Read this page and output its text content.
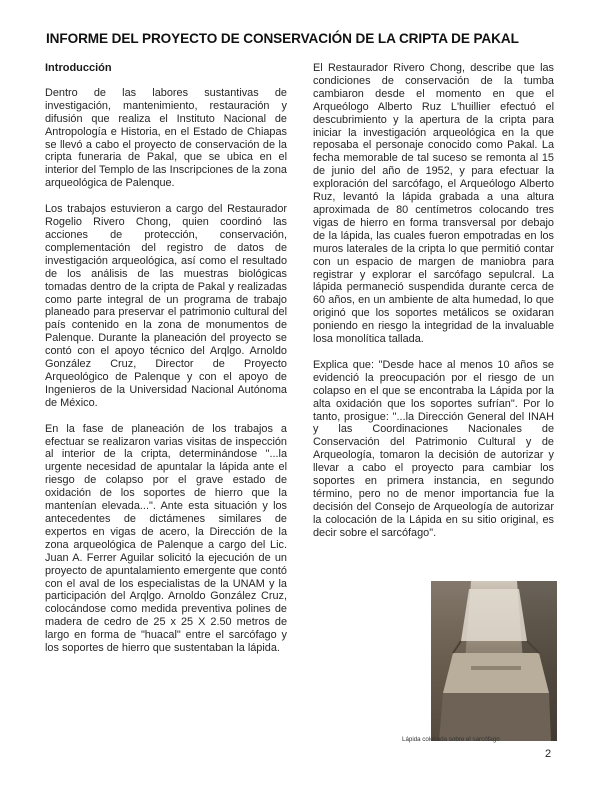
INFORME DEL PROYECTO DE CONSERVACIÓN DE LA CRIPTA DE PAKAL
Introducción

Dentro de las labores sustantivas de investigación, mantenimiento, restauración y difusión que realiza el Instituto Nacional de Antropología e Historia, en el Estado de Chiapas se llevó a cabo el proyecto de conservación de la cripta funeraria de Pakal, que se ubica en el interior del Templo de las Inscripciones de la zona arqueológica de Palenque.

Los trabajos estuvieron a cargo del Restaurador Rogelio Rivero Chong, quien coordinó las acciones de protección, conservación, complementación del registro de datos de investigación arqueológica, así como el resultado de los análisis de las muestras biológicas tomadas dentro de la cripta de Pakal y realizadas como parte integral de un programa de trabajo planeado para preservar el patrimonio cultural del país contenido en la zona de monumentos de Palenque. Durante la planeación del proyecto se contó con el apoyo técnico del Arqlgo. Arnoldo González Cruz, Director de Proyecto Arqueológico de Palenque y con el apoyo de Ingenieros de la Universidad Nacional Autónoma de México.

En la fase de planeación de los trabajos a efectuar se realizaron varias visitas de inspección al interior de la cripta, determinándose "...la urgente necesidad de apuntalar la lápida ante el riesgo de colapso por el grave estado de oxidación de los soportes de hierro que la mantenían elevada...". Ante esta situación y los antecedentes de dictámenes similares de expertos en vigas de acero, la Dirección de la zona arqueológica de Palenque a cargo del Lic. Juan A. Ferrer Aguilar solicitó la ejecución de un proyecto de apuntalamiento emergente que contó con el aval de los especialistas de la UNAM y la participación del Arqlgo. Arnoldo González Cruz, colocándose como medida preventiva polines de madera de cedro de 25 x 25 X 2.50 metros de largo en forma de "huacal" entre el sarcófago y los soportes de hierro que sustentaban la lápida.

El Restaurador Rivero Chong, describe que las condiciones de conservación de la tumba cambiaron desde el momento en que el Arqueólogo Alberto Ruz L'huillier efectuó el descubrimiento y la apertura de la cripta para iniciar la investigación arqueológica en la que reposaba el personaje conocido como Pakal. La fecha memorable de tal suceso se remonta al 15 de junio del año de 1952, y para efectuar la exploración del sarcófago, el Arqueólogo Alberto Ruz, levantó la lápida grabada a una altura aproximada de 80 centímetros colocando tres vigas de hierro en forma transversal por debajo de la lápida, las cuales fueron empotradas en los muros laterales de la cripta lo que permitió contar con un espacio de margen de maniobra para registrar y explorar el sarcófago sepulcral. La lápida permaneció suspendida durante cerca de 60 años, en un ambiente de alta humedad, lo que originó que los soportes metálicos se oxidaran poniendo en riesgo la integridad de la invaluable losa monolítica tallada.

Explica que: "Desde hace al menos 10 años se evidenció la preocupación por el riesgo de un colapso en el que se encontraba la Lápida por la alta oxidación que los soportes sufrían". Por lo tanto, prosigue: "...la Dirección General del INAH y las Coordinaciones Nacionales de Conservación del Patrimonio Cultural y de Arqueología, tomaron la decisión de autorizar y llevar a cabo el proyecto para cambiar los soportes en primera instancia, en segundo término, pero no de menor importancia fue la decisión del Consejo de Arqueología de autorizar la colocación de la Lápida en su sitio original, es decir sobre el sarcófago".

Lápida colocada sobre el sarcófago
2
